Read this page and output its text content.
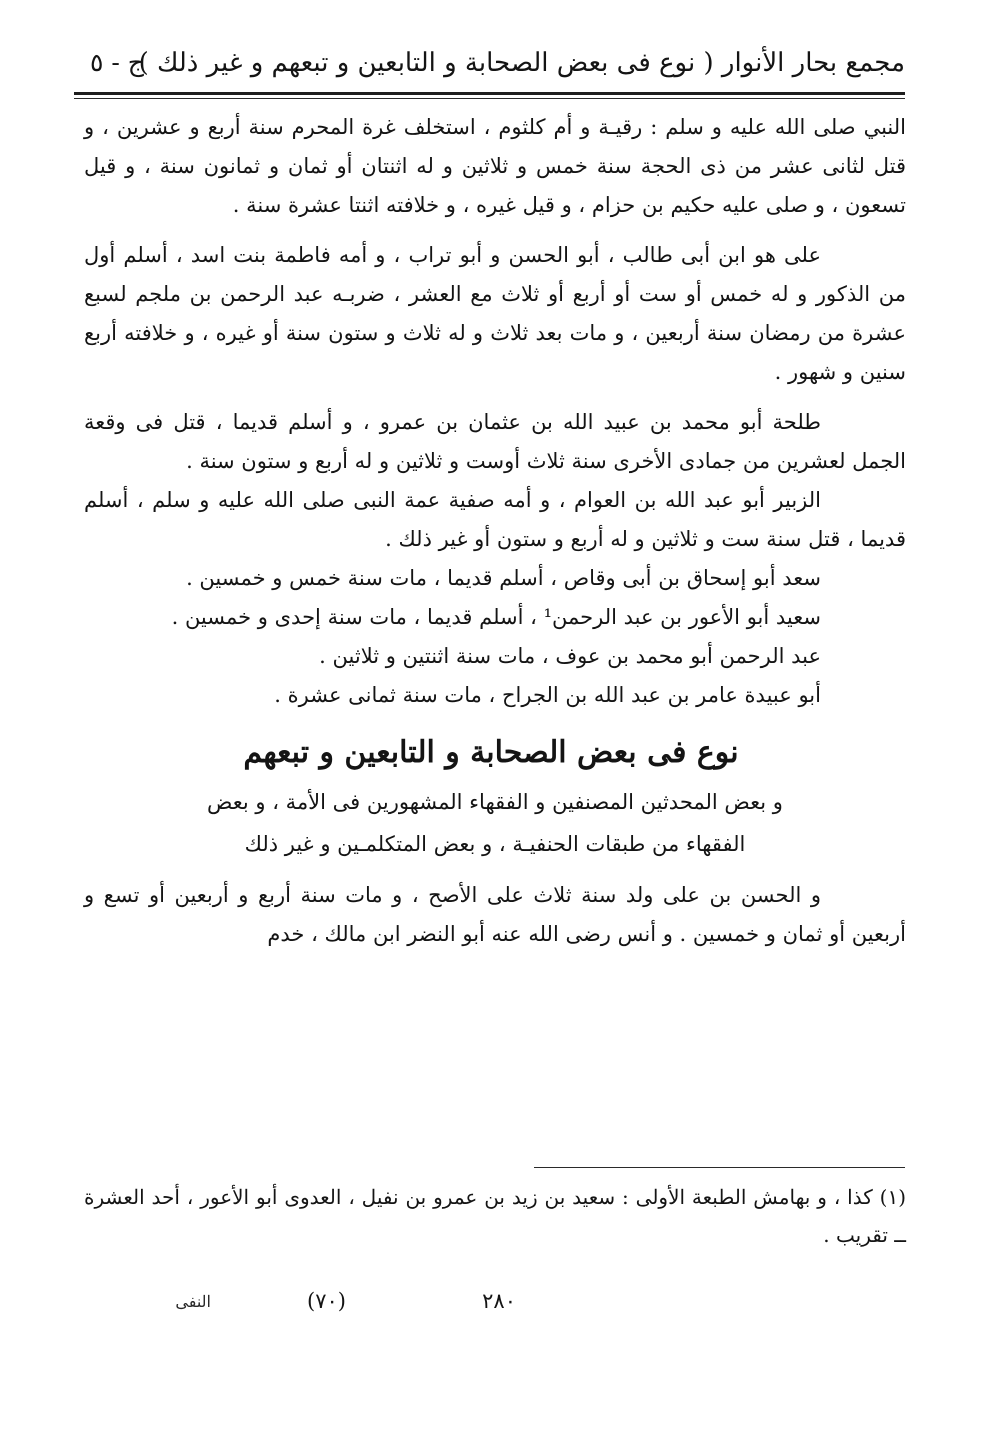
مجمع بحار الأنوار ( نوع فى بعض الصحابة و التابعين و تبعهم و غير ذلك )
ج - ٥

النبي صلى الله عليه و سلم : رقيـة و أم كلثوم ، استخلف غرة المحرم سنة أربع و عشرين ، و قتل لثانى عشر من ذى الحجة سنة خمس و ثلاثين و له اثنتان أو ثمان و ثمانون سنة ، و قيل تسعون ، و صلى عليه حكيم بن حزام ، و قيل غيره ، و خلافته اثنتا عشرة سنة .

على هو ابن أبى طالب ، أبو الحسن و أبو تراب ، و أمه فاطمة بنت اسد ، أسلم أول من الذكور و له خمس أو ست أو أربع أو ثلاث مع العشر ، ضربـه عبد الرحمن بن ملجم لسبع عشرة من رمضان سنة أربعين ، و مات بعد ثلاث و له ثلاث و ستون سنة أو غيره ، و خلافته أربع سنين و شهور .

طلحة أبو محمد بن عبيد الله بن عثمان بن عمرو ، و أسلم قديما ، قتل فى وقعة الجمل لعشرين من جمادى الأخرى سنة ثلاث أوست و ثلاثين و له أربع و ستون سنة .

الزبير أبو عبد الله بن العوام ، و أمه صفية عمة النبى صلى الله عليه و سلم ، أسلم قديما ، قتل سنة ست و ثلاثين و له أربع و ستون أو غير ذلك .

سعد أبو إسحاق بن أبى وقاص ، أسلم قديما ، مات سنة خمس و خمسين .

سعيد أبو الأعور بن عبد الرحمن¹ ، أسلم قديما ، مات سنة إحدى و خمسين .

عبد الرحمن أبو محمد بن عوف ، مات سنة اثنتين و ثلاثين .

أبو عبيدة عامر بن عبد الله بن الجراح ، مات سنة ثمانى عشرة .

نوع فى بعض الصحابة و التابعين و تبعهم

و بعض المحدثين المصنفين و الفقهاء المشهورين فى الأمة ، و بعض

الفقهاء من طبقات الحنفيـة ، و بعض المتكلمـين و غير ذلك

و الحسن بن على ولد سنة ثلاث على الأصح ، و مات سنة أربع و أربعين أو تسع و أربعين أو ثمان و خمسين . و أنس رضى الله عنه أبو النضر ابن مالك ، خدم

(١) كذا ، و بهامش الطبعة الأولى : سعيد بن زيد بن عمرو بن نفيل ، العدوى أبو الأعور ، أحد العشرة ــ تقريب .

٢٨٠
(٧٠)
النفى
